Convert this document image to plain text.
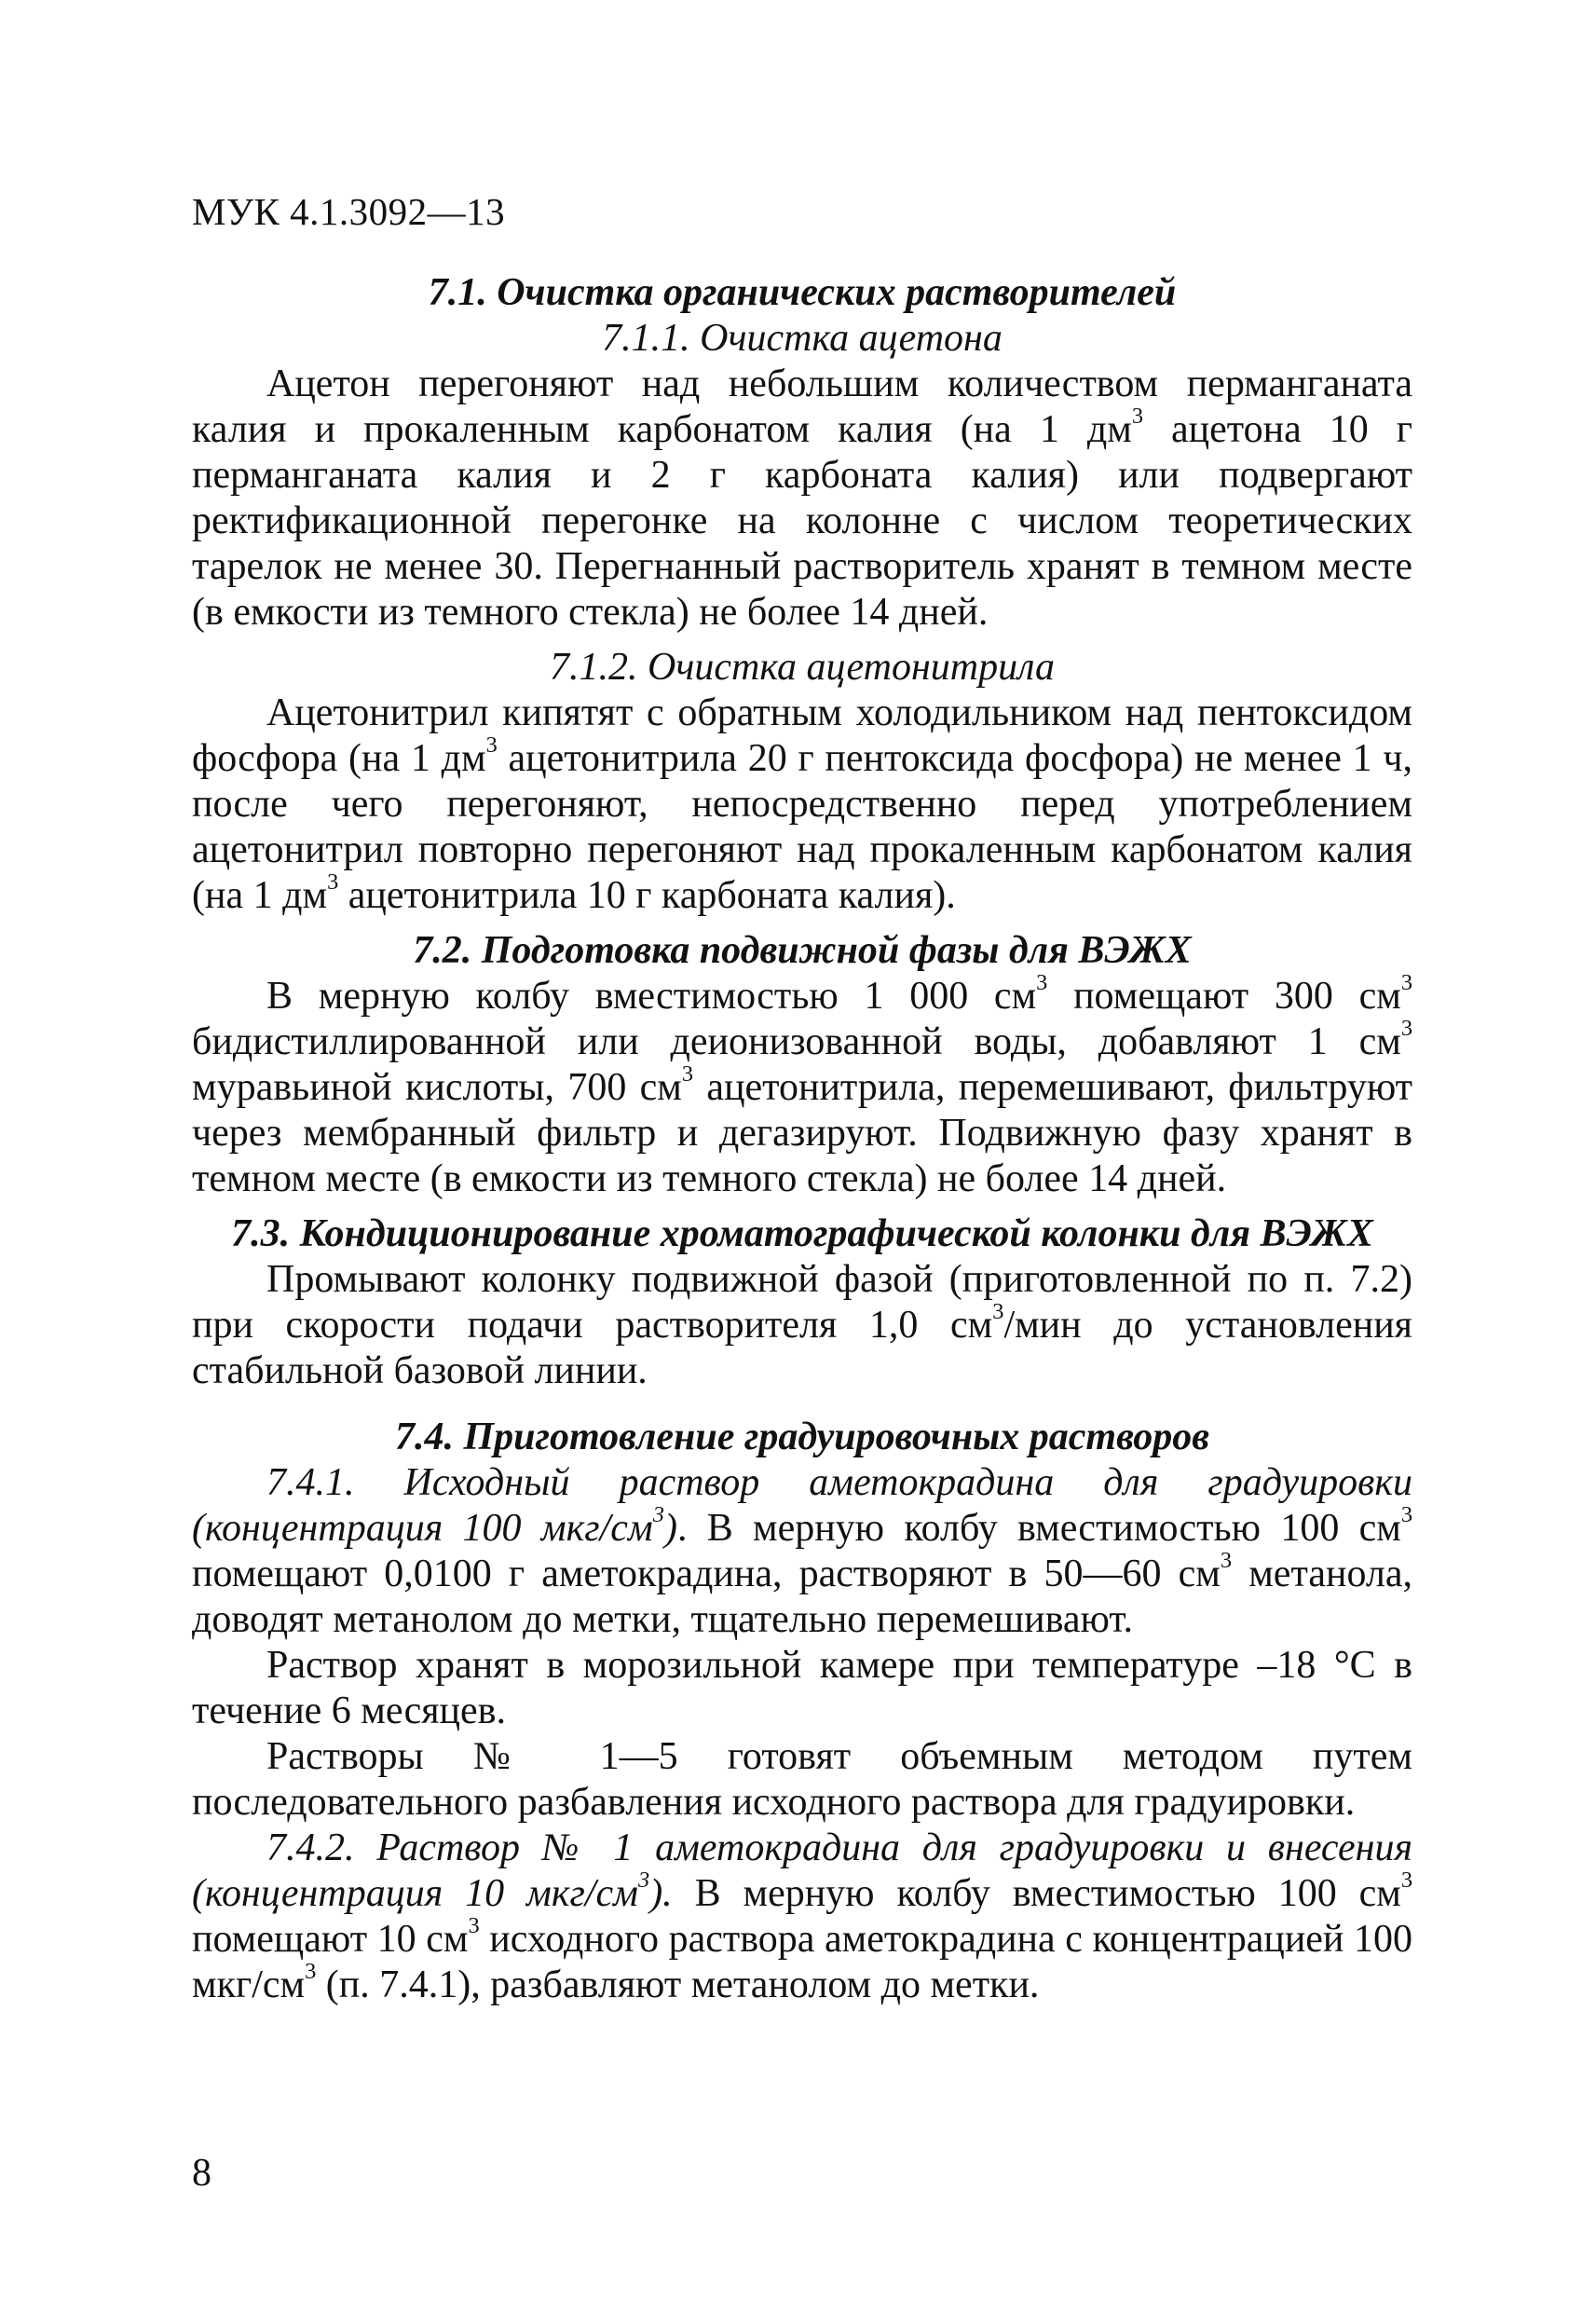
МУК 4.1.3092—13

7.1. Очистка органических растворителей

7.1.1. Очистка ацетона

Ацетон перегоняют над небольшим количеством перманганата калия и прокаленным карбонатом калия (на 1 $дм^3$ ацетона 10 г перманганата калия и 2 г карбоната калия) или подвергают ректификационной перегонке на колонне с числом теоретических тарелок не менее 30. Перегнанный растворитель хранят в темном месте (в емкости из темного стекла) не более 14 дней.

7.1.2. Очистка ацетонитрила

Ацетонитрил кипятят с обратным холодильником над пентоксидом фосфора (на 1 $дм^3$ ацетонитрила 20 г пентоксида фосфора) не менее 1 ч, после чего перегоняют, непосредственно перед употреблением ацетонитрил повторно перегоняют над прокаленным карбонатом калия (на 1 $дм^3$ ацетонитрила 10 г карбоната калия).

7.2. Подготовка подвижной фазы для ВЭЖХ

В мерную колбу вместимостью 1 000 $см^3$ помещают 300 $см^3$ бидистиллированной или деионизованной воды, добавляют 1 $см^3$ муравьиной кислоты, 700 $см^3$ ацетонитрила, перемешивают, фильтруют через мембранный фильтр и дегазируют. Подвижную фазу хранят в темном месте (в емкости из темного стекла) не более 14 дней.

7.3. Кондиционирование хроматографической колонки для ВЭЖХ

Промывают колонку подвижной фазой (приготовленной по п. 7.2) при скорости подачи растворителя 1,0 $см^3$/мин до установления стабильной базовой линии.

7.4. Приготовление градуировочных растворов

7.4.1. Исходный раствор аметокрадина для градуировки (концентрация 100 мкг/$см^3$). В мерную колбу вместимостью 100 $см^3$ помещают 0,0100 г аметокрадина, растворяют в 50—60 $см^3$ метанола, доводят метанолом до метки, тщательно перемешивают.

Раствор хранят в морозильной камере при температуре –18 °С в течение 6 месяцев.

Растворы № 1—5 готовят объемным методом путем последовательного разбавления исходного раствора для градуировки.

7.4.2. Раствор № 1 аметокрадина для градуировки и внесения (концентрация 10 мкг/$см^3$). В мерную колбу вместимостью 100 $см^3$ помещают 10 $см^3$ исходного раствора аметокрадина с концентрацией 100 мкг/$см^3$ (п. 7.4.1), разбавляют метанолом до метки.

8
